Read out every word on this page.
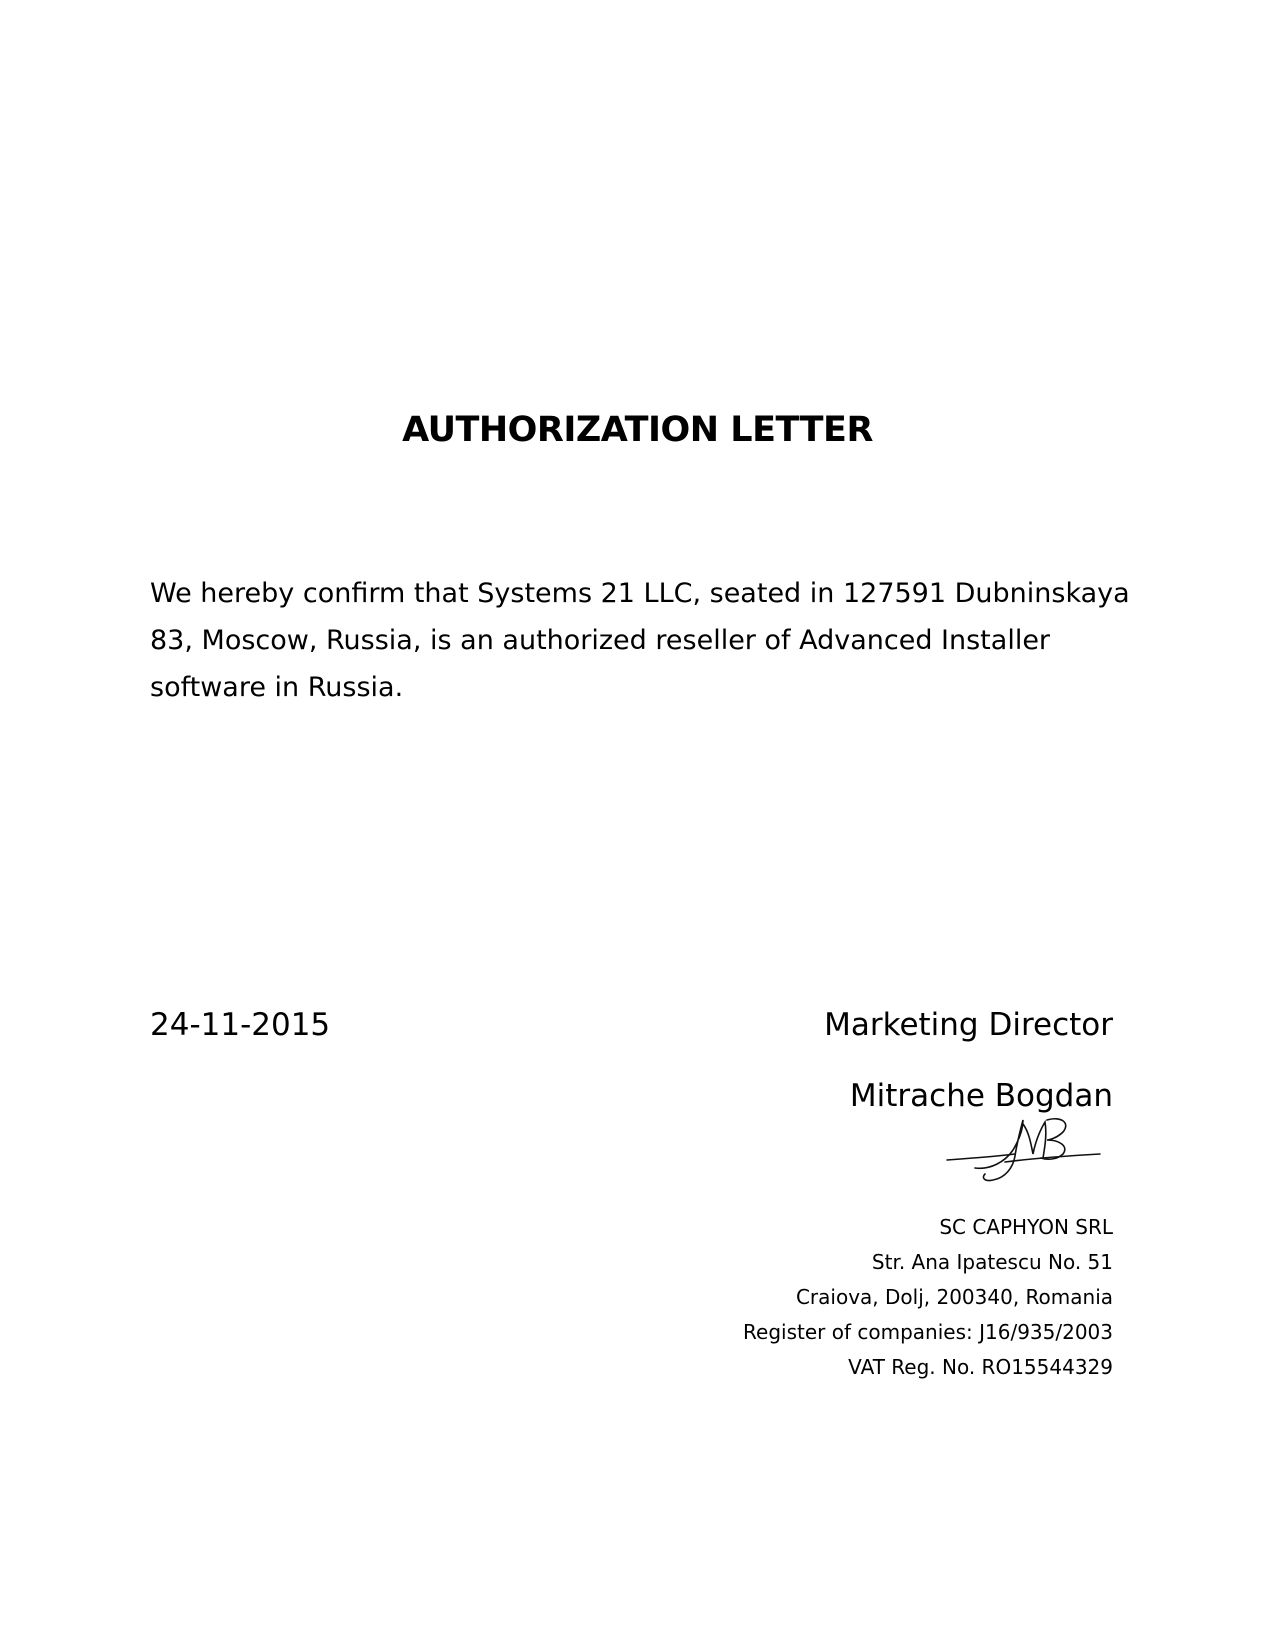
AUTHORIZATION LETTER

We hereby confirm that Systems 21 LLC, seated in 127591 Dubninskaya 83, Moscow, Russia, is an authorized reseller of Advanced Installer software in Russia.

24-11-2015	Marketing Director
Mitrache Bogdan
SC CAPHYON SRL
Str. Ana Ipatescu No. 51
Craiova, Dolj, 200340, Romania
Register of companies: J16/935/2003
VAT Reg. No. RO15544329
